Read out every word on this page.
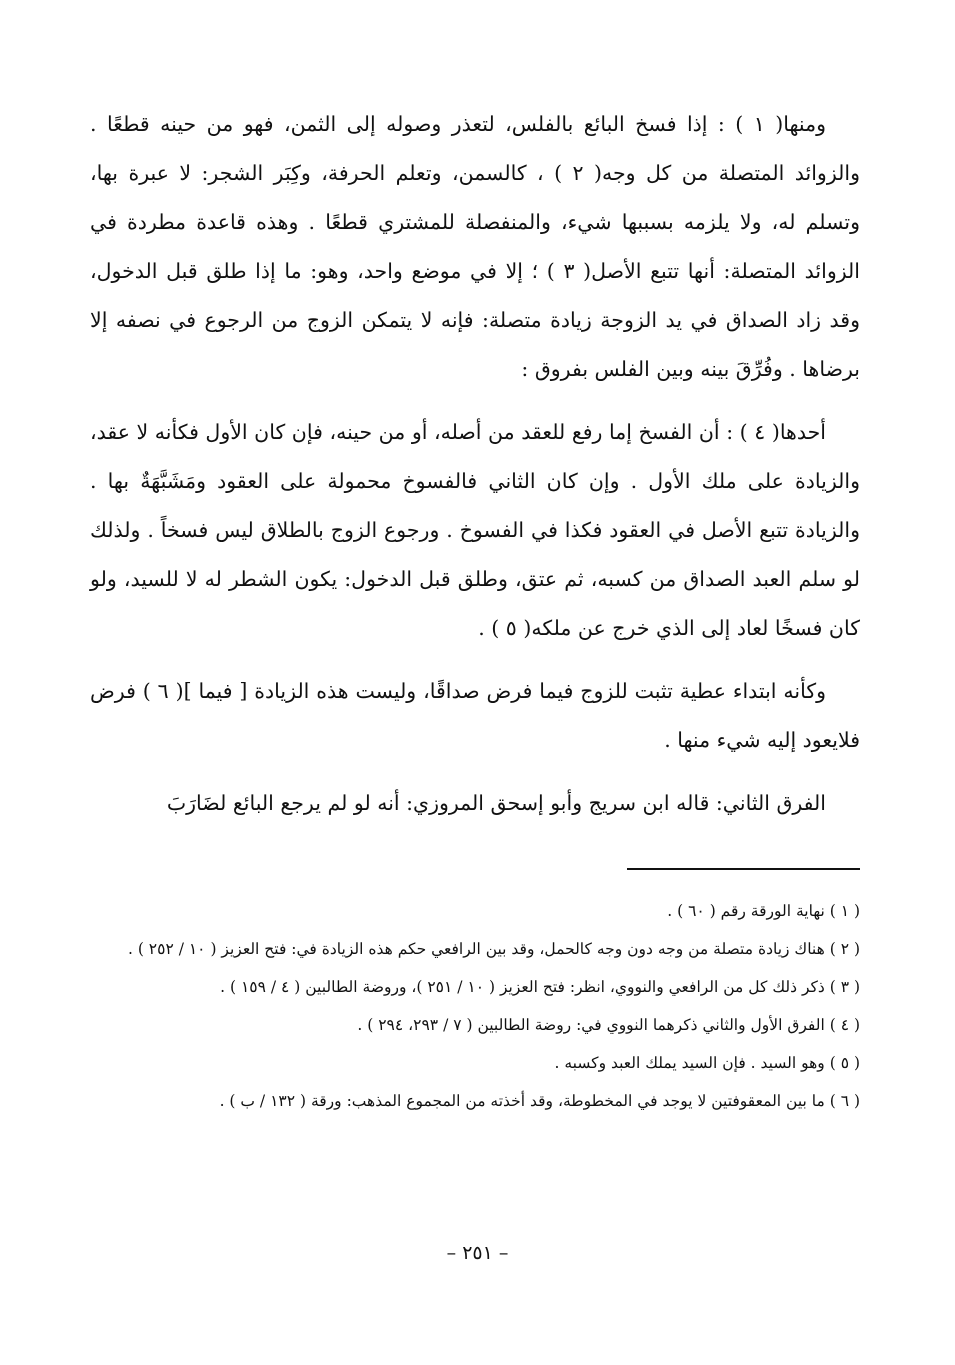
ومنها( ١ ) : إذا فسخ البائع بالفلس، لتعذر وصوله إلى الثمن، فهو من حينه قطعًا . والزوائد المتصلة من كل وجه( ٢ ) ، كالسمن، وتعلم الحرفة، وكِبَر الشجر: لا عبرة بها، وتسلم له، ولا يلزمه بسببها شيء، والمنفصلة للمشتري قطعًا . وهذه قاعدة مطردة في الزوائد المتصلة: أنها تتبع الأصل( ٣ ) ؛ إلا في موضع واحد، وهو: ما إذا طلق قبل الدخول، وقد زاد الصداق في يد الزوجة زيادة متصلة: فإنه لا يتمكن الزوج من الرجوع في نصفه إلا برضاها . وفُرِّقَ بينه وبين الفلس بفروق :

أحدها( ٤ ) : أن الفسخ إما رفع للعقد من أصله، أو من حينه، فإن كان الأول فكأنه لا عقد، والزيادة على ملك الأول . وإن كان الثاني فالفسوخ محمولة على العقود ومَشَبَّهَةٌ بها . والزيادة تتبع الأصل في العقود فكذا في الفسوخ . ورجوع الزوج بالطلاق ليس فسخاً . ولذلك لو سلم العبد الصداق من كسبه، ثم عتق، وطلق قبل الدخول: يكون الشطر له لا للسيد، ولو كان فسخًا لعاد إلى الذي خرج عن ملكه( ٥ ) .

وكأنه ابتداء عطية تثبت للزوج فيما فرض صداقًا، وليست هذه الزيادة [ فيما ]( ٦ ) فرض فلايعود إليه شيء منها .

الفرق الثاني: قاله ابن سريج وأبو إسحق المروزي: أنه لو لم يرجع البائع لضَارَبَ

( ١ ) نهاية الورقة رقم ( ٦٠ ) .

( ٢ ) هناك زيادة متصلة من وجه دون وجه كالحمل، وقد بين الرافعي حكم هذه الزيادة في: فتح العزيز ( ١٠ / ٢٥٢ ) .

( ٣ ) ذكر ذلك كل من الرافعي والنووي، انظر: فتح العزيز ( ١٠ / ٢٥١ )، وروضة الطالبين ( ٤ / ١٥٩ ) .

( ٤ ) الفرق الأول والثاني ذكرهما النووي في: روضة الطالبين ( ٧ / ٢٩٣، ٢٩٤ ) .

( ٥ ) وهو السيد . فإن السيد يملك العبد وكسبه .

( ٦ ) ما بين المعقوفتين لا يوجد في المخطوطة، وقد أخذته من المجموع المذهب: ورقة ( ١٣٢ / ب ) .

– ٢٥١ –
